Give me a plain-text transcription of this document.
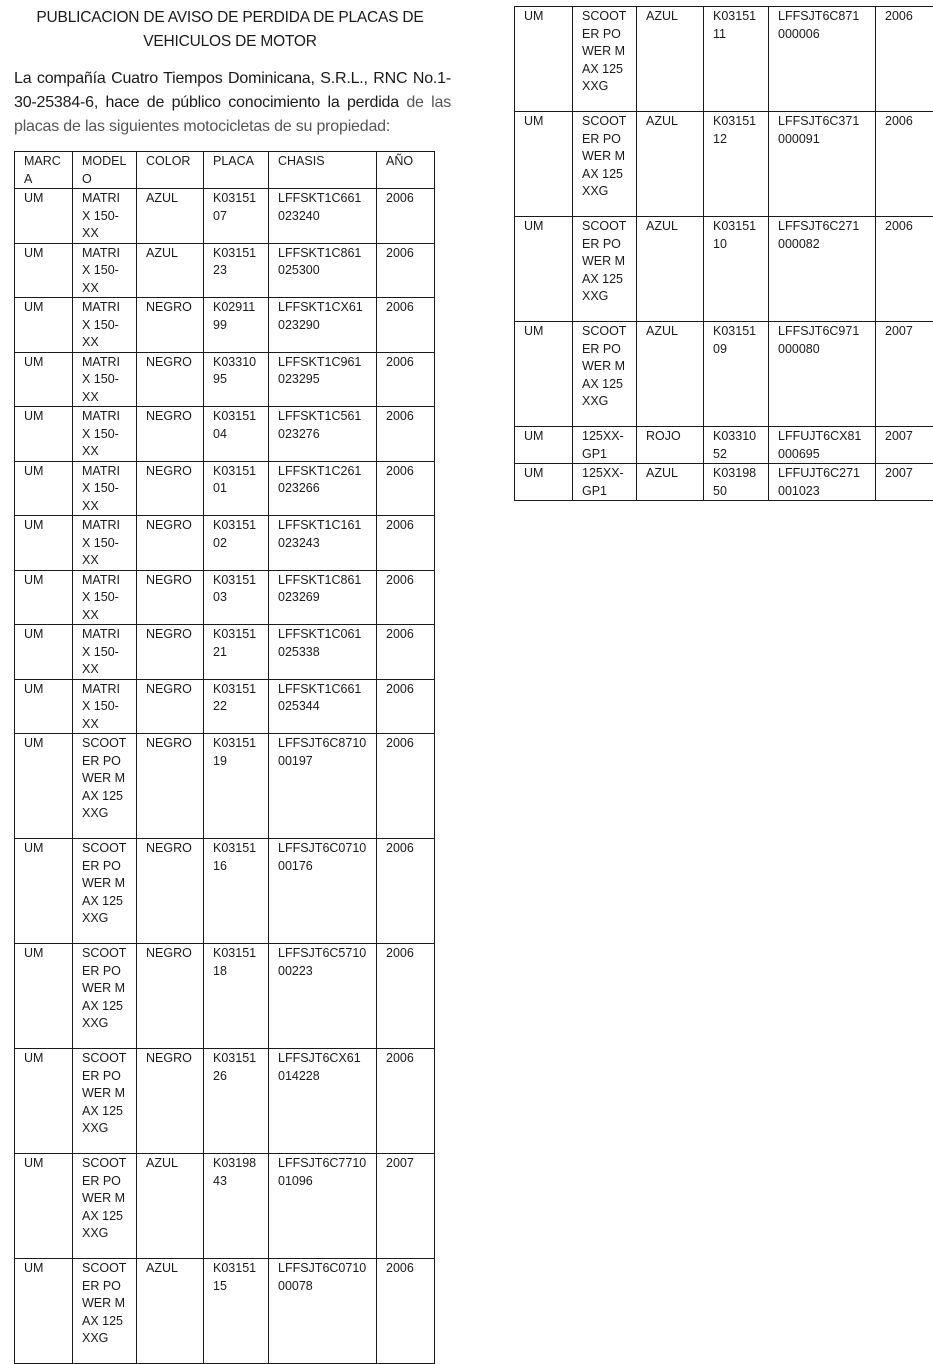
PUBLICACION DE AVISO DE PERDIDA DE PLACAS DE
VEHICULOS DE MOTOR

La compañía Cuatro Tiempos Dominicana, S.R.L., RNC No.1-30-25384-6, hace de público conocimiento la perdida de las placas de las siguientes motocicletas de su propiedad:

MARCA	MODELO	COLOR	PLACA	CHASIS	AÑO
UM	MATRIX 150-XX	AZUL	K0315107	LFFSKT1C661023240	2006
UM	MATRIX 150-XX	AZUL	K0315123	LFFSKT1C861025300	2006
UM	MATRIX 150-XX	NEGRO	K0291199	LFFSKT1CX61023290	2006
UM	MATRIX 150-XX	NEGRO	K0331095	LFFSKT1C961023295	2006
UM	MATRIX 150-XX	NEGRO	K0315104	LFFSKT1C561023276	2006
UM	MATRIX 150-XX	NEGRO	K0315101	LFFSKT1C261023266	2006
UM	MATRIX 150-XX	NEGRO	K0315102	LFFSKT1C161023243	2006
UM	MATRIX 150-XX	NEGRO	K0315103	LFFSKT1C861023269	2006
UM	MATRIX 150-XX	NEGRO	K0315121	LFFSKT1C061025338	2006
UM	MATRIX 150-XX	NEGRO	K0315122	LFFSKT1C661025344	2006
UM	SCOOTER POWER MAX 125 XXG	NEGRO	K0315119	LFFSJT6C871000197	2006
UM	SCOOTER POWER MAX 125 XXG	NEGRO	K0315116	LFFSJT6C071000176	2006
UM	SCOOTER POWER MAX 125 XXG	NEGRO	K0315118	LFFSJT6C571000223	2006
UM	SCOOTER POWER MAX 125 XXG	NEGRO	K0315126	LFFSJT6CX61014228	2006
UM	SCOOTER POWER MAX 125 XXG	AZUL	K0319843	LFFSJT6C771001096	2007
UM	SCOOTER POWER MAX 125 XXG	AZUL	K0315115	LFFSJT6C071000078	2006
UM	SCOOTER POWER MAX 125 XXG	AZUL	K0315111	LFFSJT6C871000006	2006
UM	SCOOTER POWER MAX 125 XXG	AZUL	K0315112	LFFSJT6C371000091	2006
UM	SCOOTER POWER MAX 125 XXG	AZUL	K0315110	LFFSJT6C271000082	2006
UM	SCOOTER POWER MAX 125 XXG	AZUL	K0315109	LFFSJT6C971000080	2007
UM	125XX-GP1	ROJO	K0331052	LFFUJT6CX81000695	2007
UM	125XX-GP1	AZUL	K0319850	LFFUJT6C271001023	2007
